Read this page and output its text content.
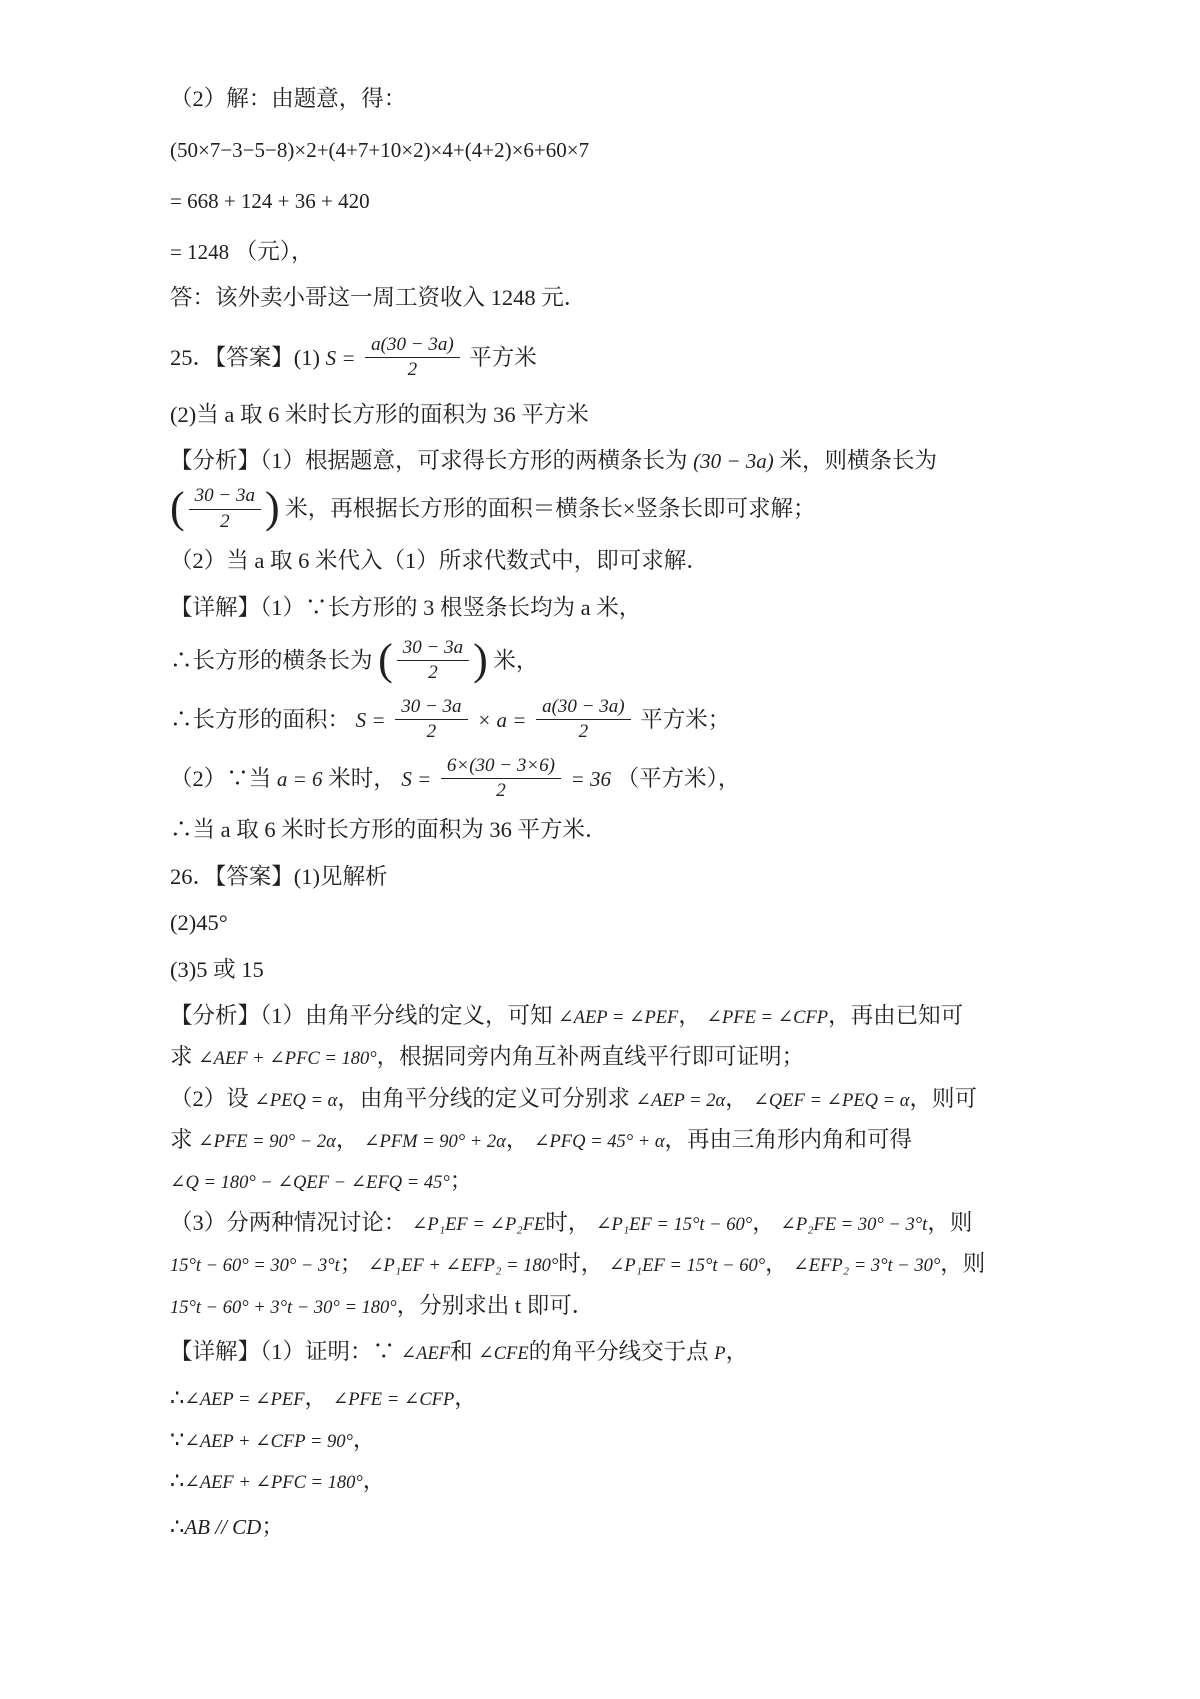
（2）解：由题意，得：

(50×7−3−5−8)×2+(4+7+10×2)×4+(4+2)×6+60×7

= 668 + 124 + 36 + 420

= 1248 （元），

答：该外卖小哥这一周工资收入 1248 元．

25．【答案】(1) $S = \frac{a(30 - 3a)}{2}$ 平方米

(2)当 a 取 6 米时长方形的面积为 36 平方米

【分析】（1）根据题意，可求得长方形的两横条长为 (30 − 3a) 米，则横条长为

( $\frac{30 - 3a}{2}$ ) 米，再根据长方形的面积＝横条长×竖条长即可求解；

（2）当 a 取 6 米代入（1）所求代数式中，即可求解．

【详解】（1）∵长方形的 3 根竖条长均为 a 米，

∴长方形的横条长为 ( $\frac{30 - 3a}{2}$ ) 米，

∴长方形的面积： $S = \frac{30 - 3a}{2} \times a = \frac{a(30 - 3a)}{2}$ 平方米；

（2）∵当 a = 6 米时， $S = \frac{6\times(30 - 3\times 6)}{2} = 36$ （平方米），

∴当 a 取 6 米时长方形的面积为 36 平方米．

26．【答案】(1)见解析

(2)45°

(3)5 或 15

【分析】（1）由角平分线的定义，可知 ∠AEP = ∠PEF， ∠PFE = ∠CFP，再由已知可

求 ∠AEF + ∠PFC = 180°，根据同旁内角互补两直线平行即可证明；

（2）设 ∠PEQ = α，由角平分线的定义可分别求 ∠AEP = 2α， ∠QEF = ∠PEQ = α，则可

求 ∠PFE = 90° − 2α， ∠PFM = 90° + 2α， ∠PFQ = 45° + α，再由三角形内角和可得

∠Q = 180° − ∠QEF − ∠EFQ = 45°；

（3）分两种情况讨论： ∠P₁EF = ∠P₂FE时， ∠P₁EF = 15°t − 60°， ∠P₂FE = 30° − 3°t，则

15°t − 60° = 30° − 3°t； ∠P₁EF + ∠EFP₂ = 180°时， ∠P₁EF = 15°t − 60°， ∠EFP₂ = 3°t − 30°，则

15°t − 60° + 3°t − 30° = 180°，分别求出 t 即可．

【详解】（1）证明：∵ ∠AEF和 ∠CFE的角平分线交于点 P，

∴∠AEP = ∠PEF， ∠PFE = ∠CFP，

∵∠AEP + ∠CFP = 90°，

∴∠AEF + ∠PFC = 180°，

∴AB // CD；
